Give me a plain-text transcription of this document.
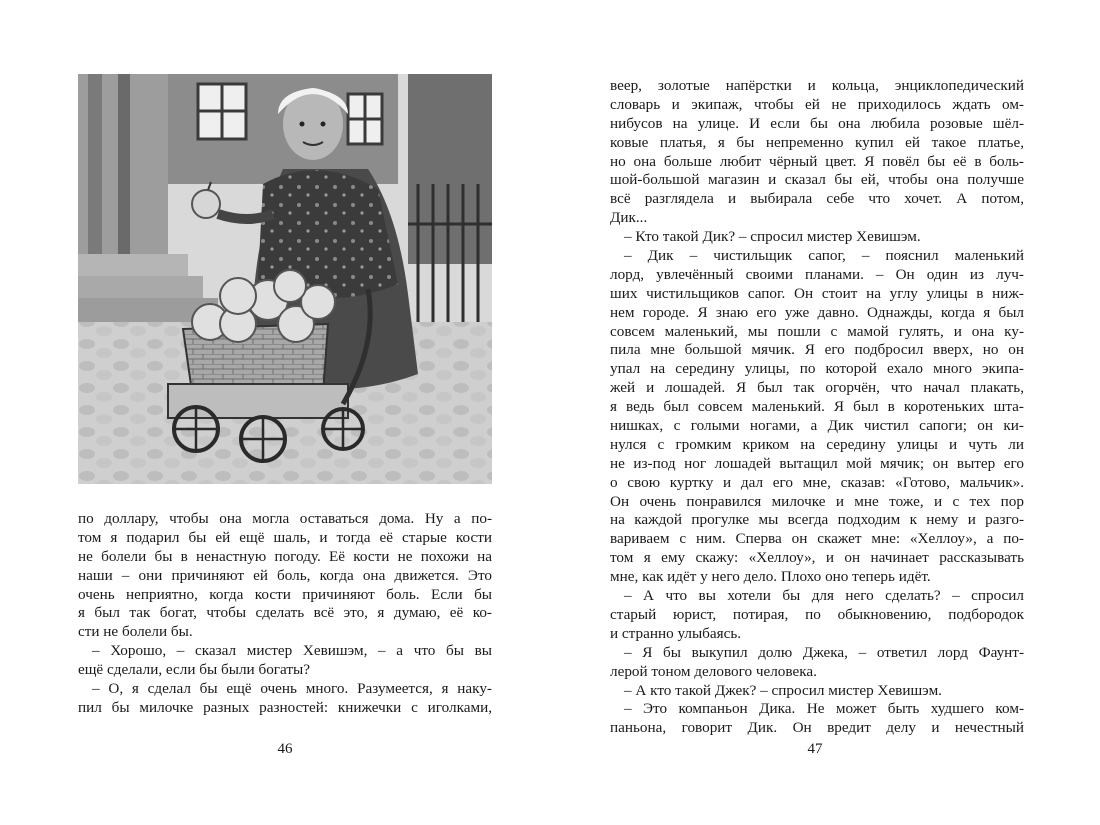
по доллару, чтобы она могла оставаться дома. Ну а по-
том я подарил бы ей ещё шаль, и тогда её старые кости
не болели бы в ненастную погоду. Её кости не похожи на
наши – они причиняют ей боль, когда она движется. Это
очень неприятно, когда кости причиняют боль. Если бы
я был так богат, чтобы сделать всё это, я думаю, её ко-
сти не болели бы.
– Хорошо, – сказал мистер Хевишэм, – а что бы вы
ещё сделали, если бы были богаты?
– О, я сделал бы ещё очень много. Разумеется, я наку-
пил бы милочке разных разностей: книжечки с иголками,
46
веер, золотые напёрстки и кольца, энциклопедический
словарь и экипаж, чтобы ей не приходилось ждать ом-
нибусов на улице. И если бы она любила розовые шёл-
ковые платья, я бы непременно купил ей такое платье,
но она больше любит чёрный цвет. Я повёл бы её в боль-
шой-большой магазин и сказал бы ей, чтобы она получше
всё разглядела и выбирала себе что хочет. А потом,
Дик...
– Кто такой Дик? – спросил мистер Хевишэм.
– Дик – чистильщик сапог, – пояснил маленький
лорд, увлечённый своими планами. – Он один из луч-
ших чистильщиков сапог. Он стоит на углу улицы в ниж-
нем городе. Я знаю его уже давно. Однажды, когда я был
совсем маленький, мы пошли с мамой гулять, и она ку-
пила мне большой мячик. Я его подбросил вверх, но он
упал на середину улицы, по которой ехало много экипа-
жей и лошадей. Я был так огорчён, что начал плакать,
я ведь был совсем маленький. Я был в коротеньких шта-
нишках, с голыми ногами, а Дик чистил сапоги; он ки-
нулся с громким криком на середину улицы и чуть ли
не из-под ног лошадей вытащил мой мячик; он вытер его
о свою куртку и дал его мне, сказав: «Готово, мальчик».
Он очень понравился милочке и мне тоже, и с тех пор
на каждой прогулке мы всегда подходим к нему и разго-
вариваем с ним. Сперва он скажет мне: «Хеллоу», а по-
том я ему скажу: «Хеллоу», и он начинает рассказывать
мне, как идёт у него дело. Плохо оно теперь идёт.
– А что вы хотели бы для него сделать? – спросил
старый юрист, потирая, по обыкновению, подбородок
и странно улыбаясь.
– Я бы выкупил долю Джека, – ответил лорд Фаунт-
лерой тоном делового человека.
– А кто такой Джек? – спросил мистер Хевишэм.
– Это компаньон Дика. Не может быть худшего ком-
паньона, говорит Дик. Он вредит делу и нечестный
47
